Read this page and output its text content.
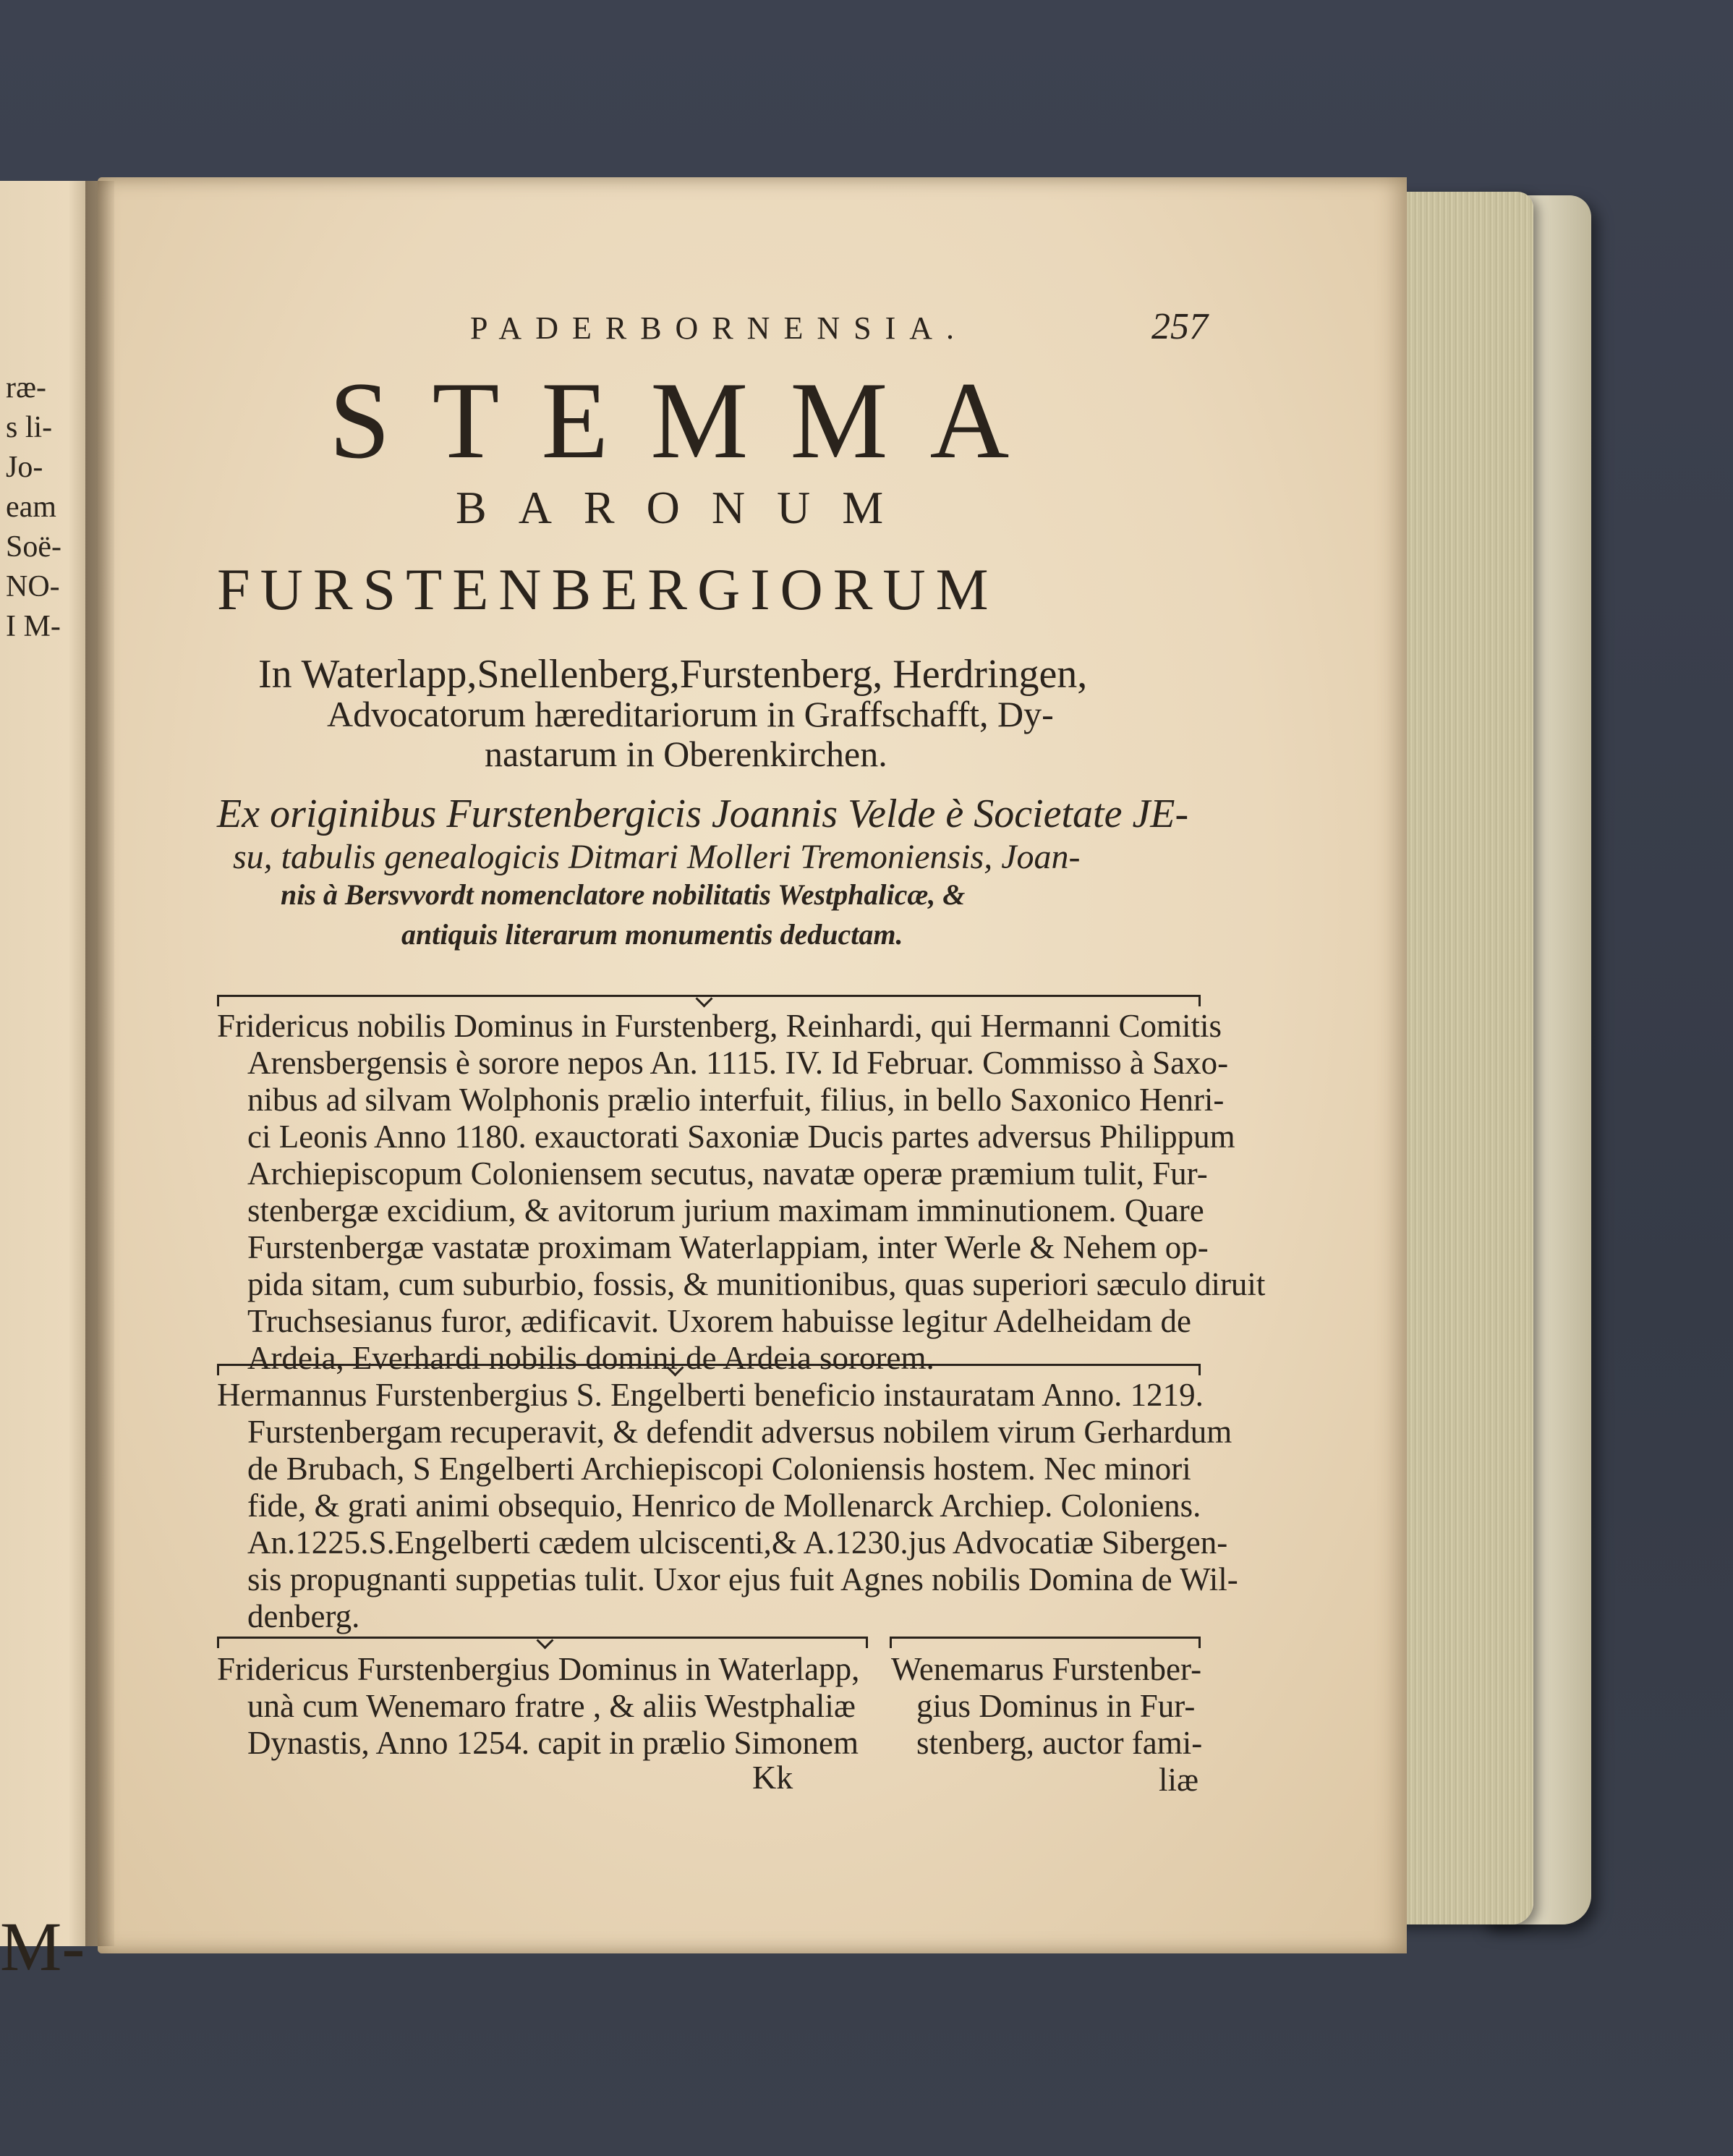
ræ-
s li-
Jo-
eam
Soë-
NO-
I M-
M-
PADERBORNENSIA.	257
STEMMA
BARONUM
FURSTENBERGIORUM
In Waterlapp,Snellenberg,Furstenberg, Herdringen,
Advocatorum hæreditariorum in Graffschafft, Dy-
nastarum in Oberenkirchen.
Ex originibus Furstenbergicis Joannis Velde è Societate JE-
su, tabulis genealogicis Ditmari Molleri Tremoniensis, Joan-
nis à Bersvvordt nomenclatore nobilitatis Westphalicæ, &
antiquis literarum monumentis deductam.
Fridericus nobilis Dominus in Furstenberg, Reinhardi, qui Hermanni Comitis
Arensbergensis è sorore nepos An. 1115. IV. Id Februar. Commisso à Saxo-
nibus ad silvam Wolphonis prælio interfuit, filius, in bello Saxonico Henri-
ci Leonis Anno 1180. exauctorati Saxoniæ Ducis partes adversus Philippum
Archiepiscopum Coloniensem secutus, navatæ operæ præmium tulit, Fur-
stenbergæ excidium, & avitorum jurium maximam imminutionem. Quare
Furstenbergæ vastatæ proximam Waterlappiam, inter Werle & Nehem op-
pida sitam, cum suburbio, fossis, & munitionibus, quas superiori sæculo diruit
Truchsesianus furor, ædificavit. Uxorem habuisse legitur Adelheidam de
Ardeia, Everhardi nobilis domini de Ardeia sororem.
Hermannus Furstenbergius S. Engelberti beneficio instauratam Anno. 1219.
Furstenbergam recuperavit, & defendit adversus nobilem virum Gerhardum
de Brubach, S Engelberti Archiepiscopi Coloniensis hostem. Nec minori
fide, & grati animi obsequio, Henrico de Mollenarck Archiep. Coloniens.
An.1225.S.Engelberti cædem ulciscenti,& A.1230.jus Advocatiæ Sibergen-
sis propugnanti suppetias tulit. Uxor ejus fuit Agnes nobilis Domina de Wil-
denberg.
Fridericus Furstenbergius Dominus in Waterlapp,
unà cum Wenemaro fratre , & aliis Westphaliæ
Dynastis, Anno 1254. capit in prælio Simonem
Wenemarus Furstenber-
gius Dominus in Fur-
stenberg, auctor fami-
liæ
Kk
